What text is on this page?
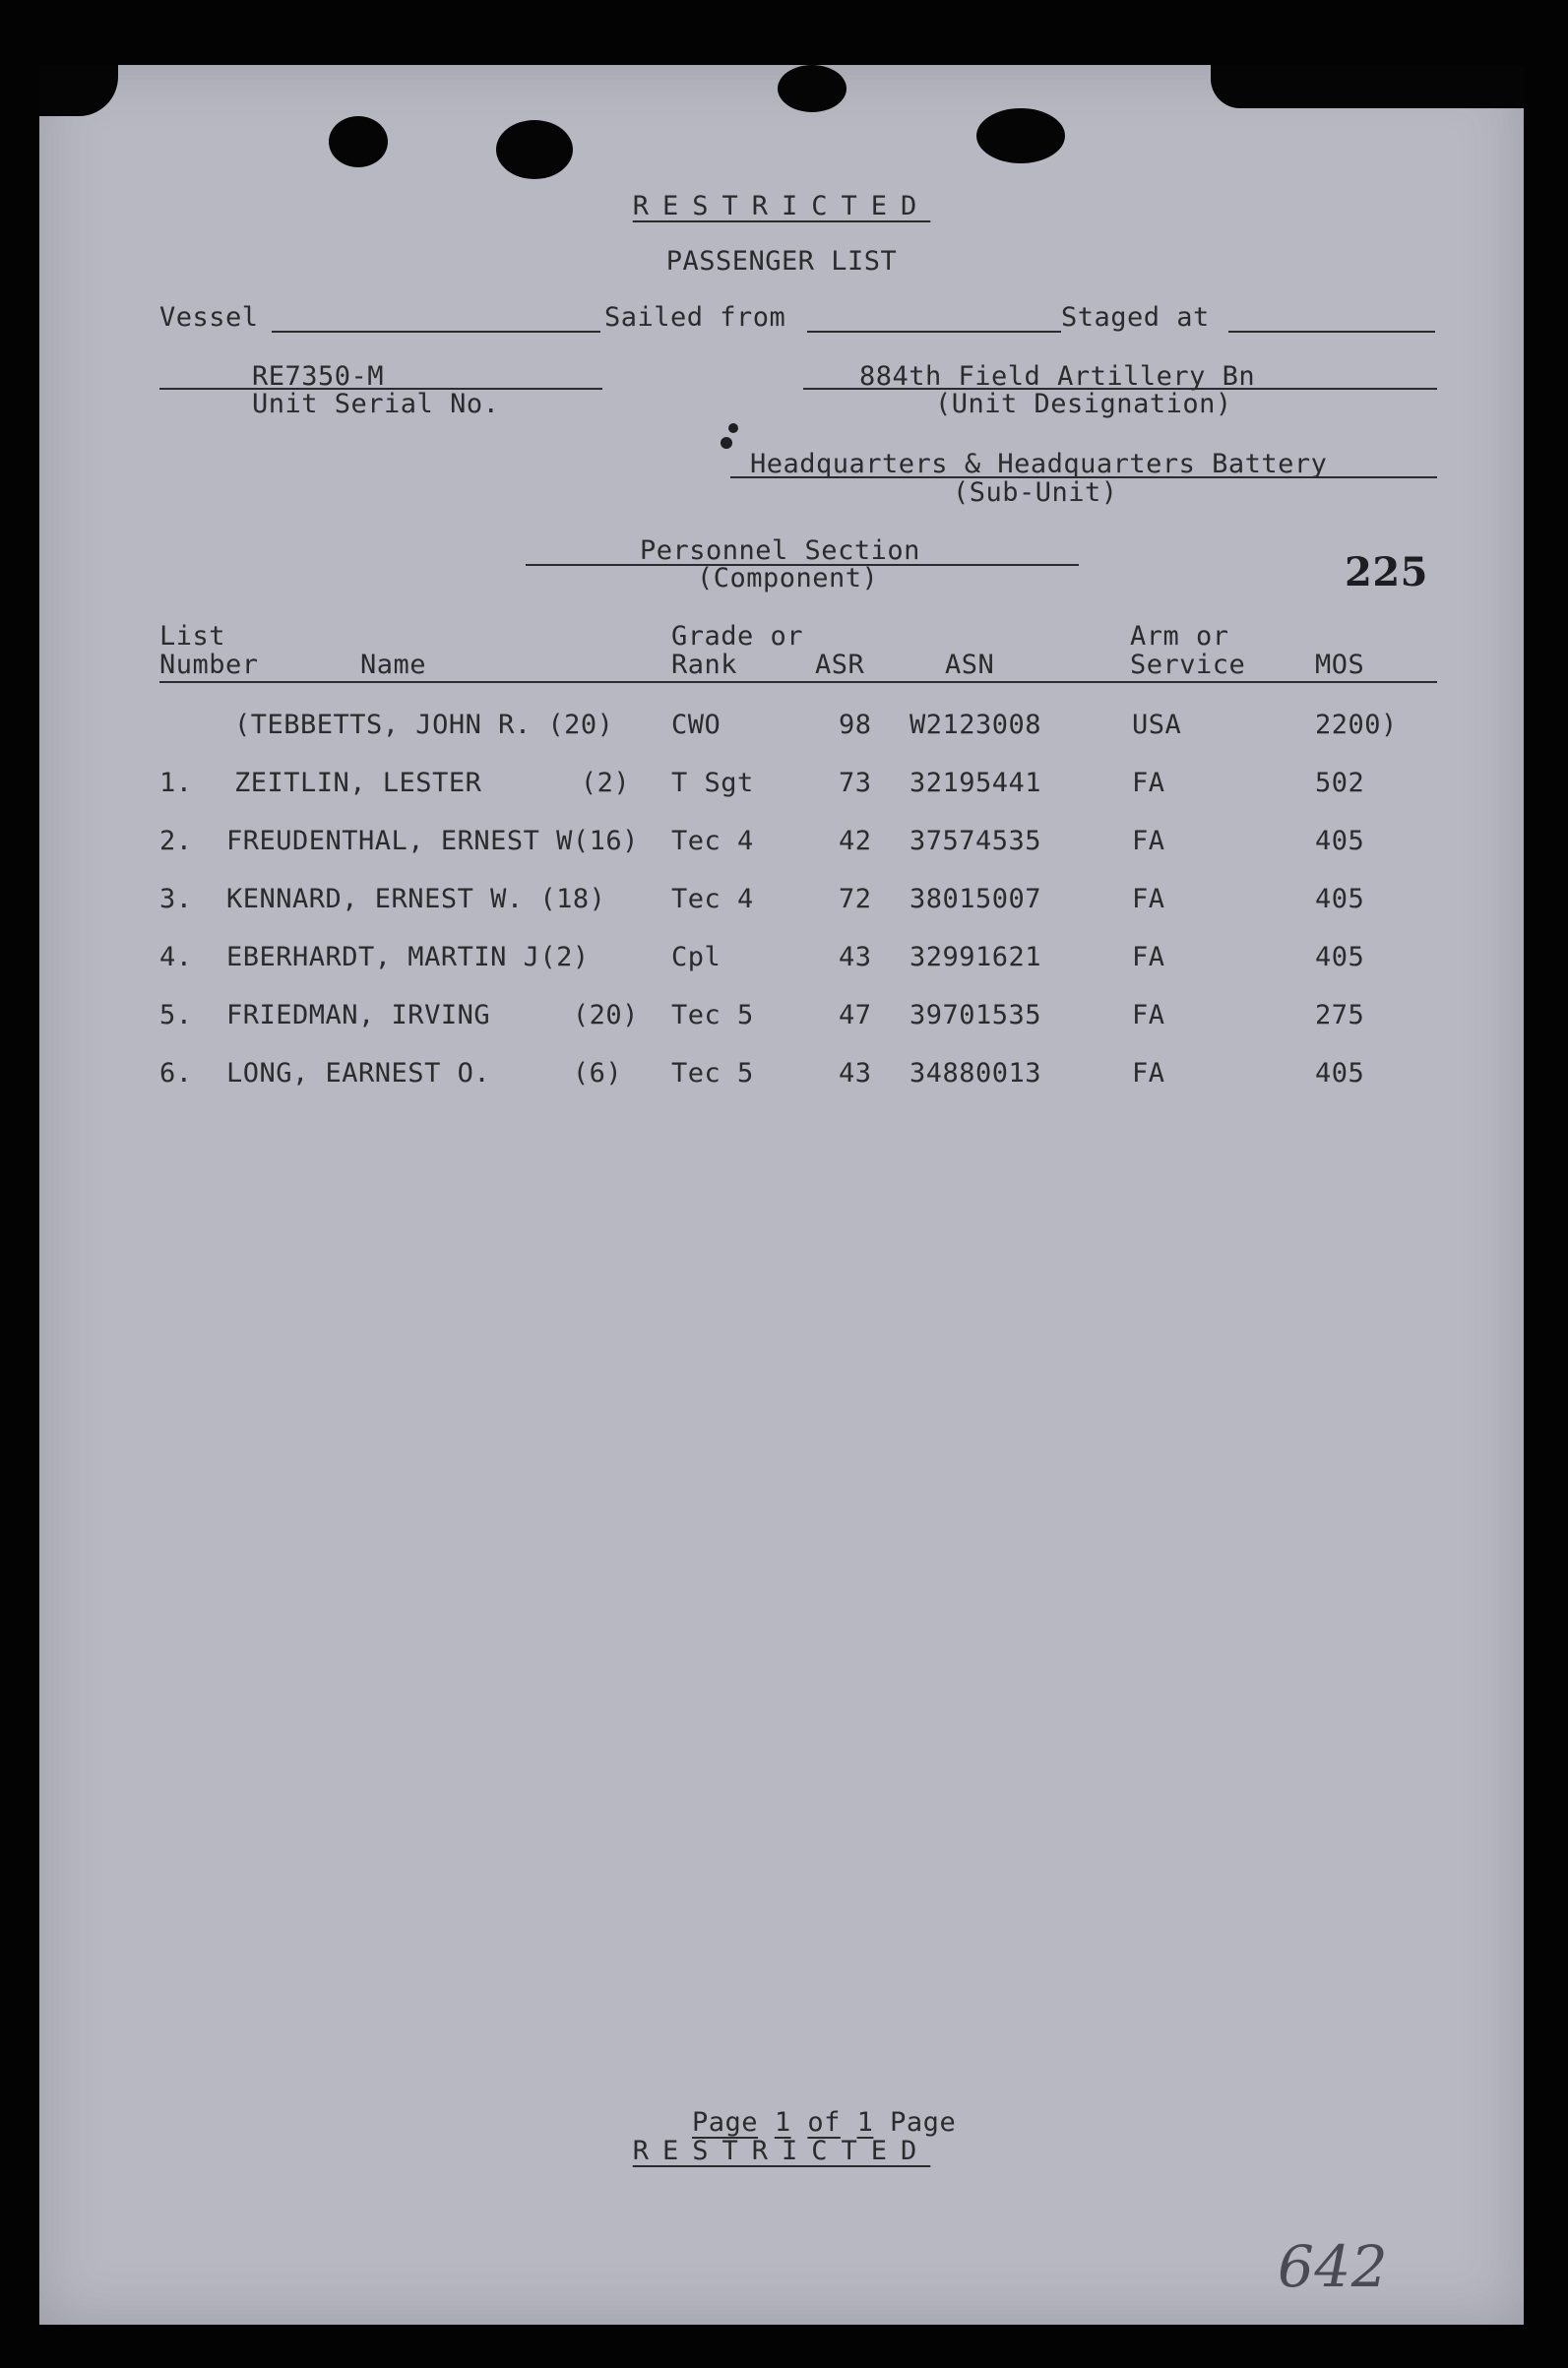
RESTRICTED
PASSENGER LIST
Vessel	Sailed from	Staged at
RE7350-M
Unit Serial No.
884th Field Artillery Bn
(Unit Designation)
Headquarters & Headquarters Battery
(Sub-Unit)
Personnel Section
(Component)	225
List
Number	Name
Grade or
Rank	ASR	ASN
Arm or
Service	MOS
(TEBBETTS, JOHN R. (20) CWO	98 W2123008	USA	2200)
1. ZEITLIN, LESTER      (2) T Sgt	73 32195441	FA	502
2. FREUDENTHAL, ERNEST W(16) Tec 4	42 37574535	FA	405
3. KENNARD, ERNEST W. (18) Tec 4	72 38015007	FA	405
4. EBERHARDT, MARTIN J(2)	Cpl	43 32991621	FA	405
5. FRIEDMAN, IRVING     (20) Tec 5	47 39701535	FA	275
6. LONG, EARNEST O.     (6) Tec 5	43 34880013	FA	405

Page 1 of 1 Page

RESTRICTED
642
